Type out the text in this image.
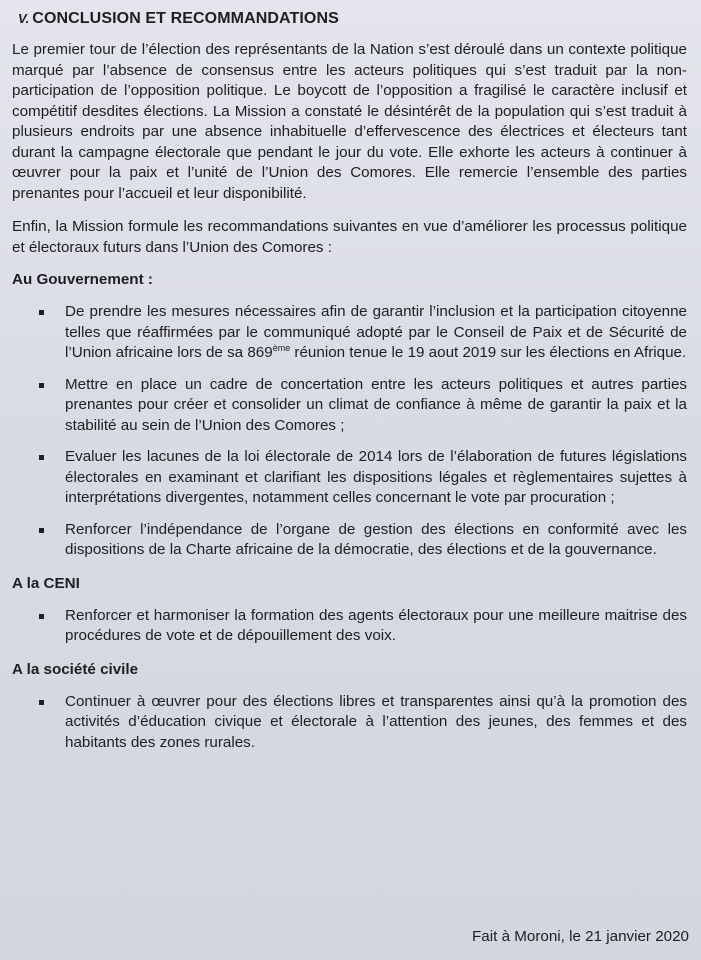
V. CONCLUSION ET RECOMMANDATIONS

Le premier tour de l’élection des représentants de la Nation s’est déroulé dans un contexte politique marqué par l’absence de consensus entre les acteurs politiques qui s’est traduit par la non-participation de l’opposition politique. Le boycott de l’opposition a fragilisé le caractère inclusif et compétitif desdites élections. La Mission a constaté le désintérêt de la population qui s’est traduit à plusieurs endroits par une absence inhabituelle d’effervescence des électrices et électeurs tant durant la campagne électorale que pendant le jour du vote. Elle exhorte les acteurs à continuer à œuvrer pour la paix et l’unité de l’Union des Comores. Elle remercie l’ensemble des parties prenantes pour l’accueil et leur disponibilité.

Enfin, la Mission formule les recommandations suivantes en vue d’améliorer les processus politique et électoraux futurs dans l’Union des Comores :

Au Gouvernement :
De prendre les mesures nécessaires afin de garantir l’inclusion et la participation citoyenne telles que réaffirmées par le communiqué adopté par le Conseil de Paix et de Sécurité de l’Union africaine lors de sa 869ème réunion tenue le 19 aout 2019 sur les élections en Afrique.
Mettre en place un cadre de concertation entre les acteurs politiques et autres parties prenantes pour créer et consolider un climat de confiance à même de garantir la paix et la stabilité au sein de l’Union des Comores ;
Evaluer les lacunes de la loi électorale de 2014 lors de l’élaboration de futures législations électorales en examinant et clarifiant les dispositions légales et règlementaires sujettes à interprétations divergentes, notamment celles concernant le vote par procuration ;
Renforcer l’indépendance de l’organe de gestion des élections en conformité avec les dispositions de la Charte africaine de la démocratie, des élections et de la gouvernance.
A la CENI
Renforcer et harmoniser la formation des agents électoraux pour une meilleure maitrise des procédures de vote et de dépouillement des voix.
A la société civile
Continuer à œuvrer pour des élections libres et transparentes ainsi qu’à la promotion des activités d’éducation civique et électorale à l’attention des jeunes, des femmes et des habitants des zones rurales.
Fait à Moroni, le 21 janvier 2020
